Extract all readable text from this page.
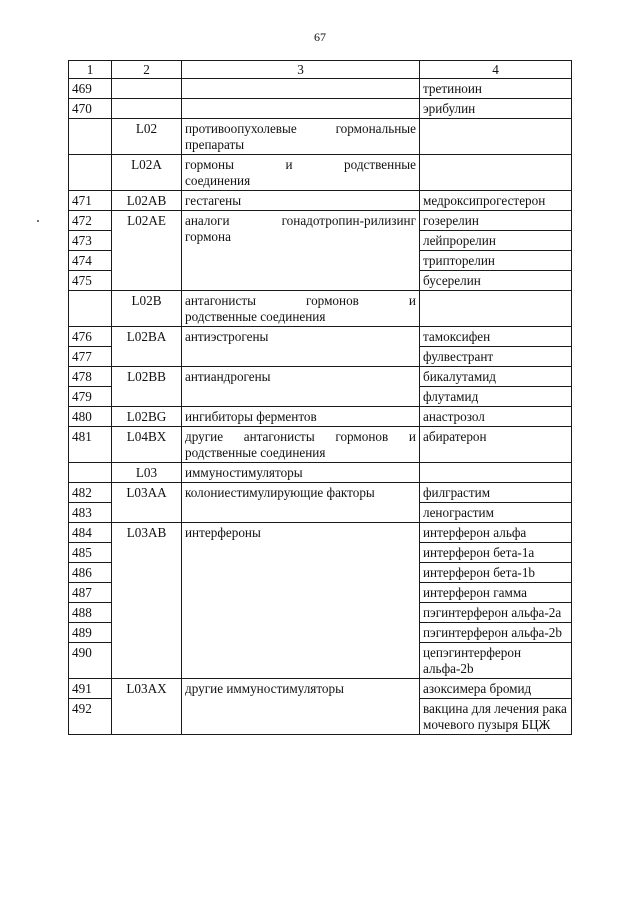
67
1	2	3	4
469			третиноин
470			эрибулин
	L02	противоопухолевые гормональные препараты	
	L02A	гормоны и родственные
соединения	

471	L02AB	гестагены	медроксипрогестерон
472	L02AE	аналоги гонадотропин-рилизинг гормона	гозерелин
473			лейпрорелин
474			трипторелин
475			бусерелин
	L02B	антагонисты гормонов и
родственные соединения	

476	L02BA	антиэстрогены	тамоксифен
477			фулвестрант
478	L02BB	антиандрогены	бикалутамид
479			флутамид
480	L02BG	ингибиторы ферментов	анастрозол
481	L04BX	другие антагонисты гормонов и родственные соединения	абиратерон
	L03	иммуностимуляторы	
482	L03AA	колониестимулирующие факторы	филграстим
483			ленограстим
484	L03AB	интерфероны	интерферон альфа
485			интерферон бета-1a
486			интерферон бета-1b
487			интерферон гамма
488			пэгинтерферон альфа-2a
489			пэгинтерферон альфа-2b
490			цепэгинтерферон альфа-2b
491	L03AX	другие иммуностимуляторы	азоксимера бромид
492			вакцина для лечения рака мочевого пузыря БЦЖ
